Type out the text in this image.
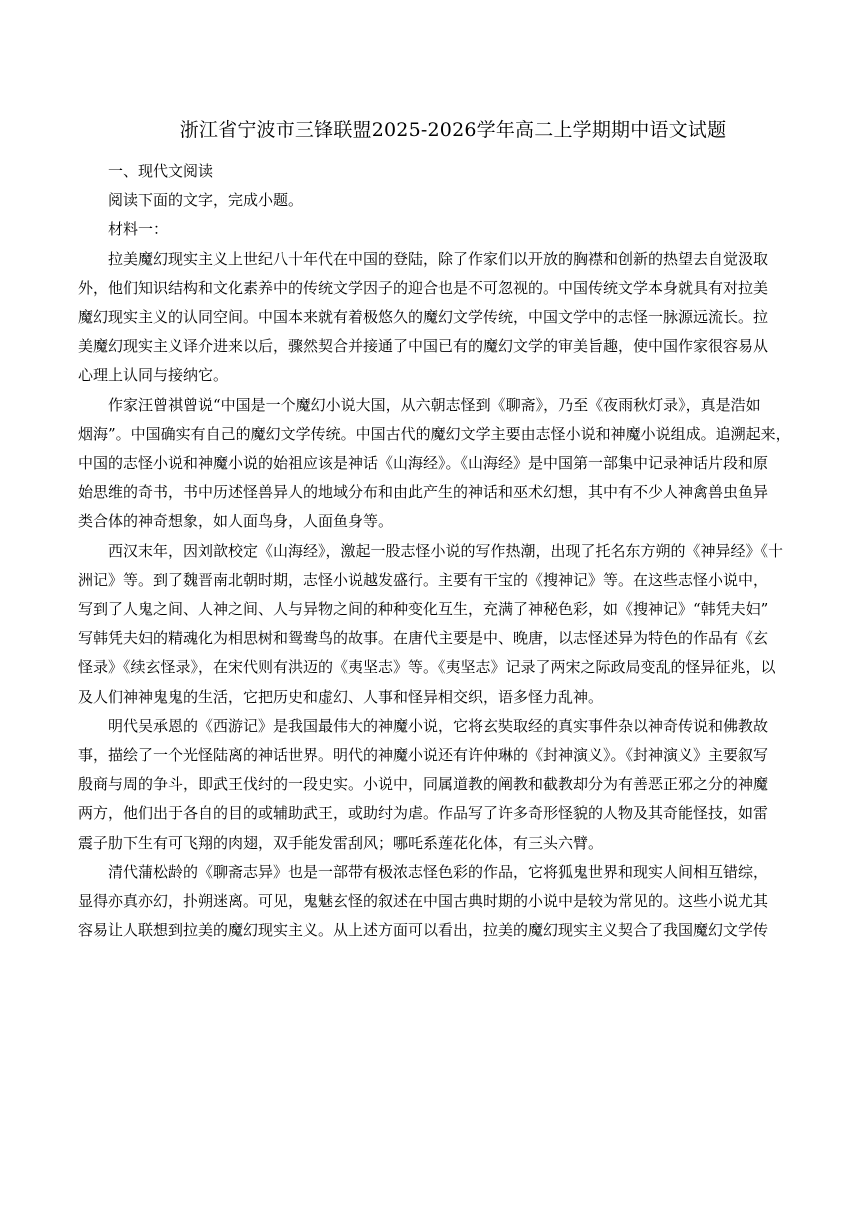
浙江省宁波市三锋联盟2025-2026学年高二上学期期中语文试题

一、现代文阅读

阅读下面的文字，完成小题。

材料一：

拉美魔幻现实主义上世纪八十年代在中国的登陆，除了作家们以开放的胸襟和创新的热望去自觉汲取
外，他们知识结构和文化素养中的传统文学因子的迎合也是不可忽视的。中国传统文学本身就具有对拉美
魔幻现实主义的认同空间。中国本来就有着极悠久的魔幻文学传统，中国文学中的志怪一脉源远流长。拉
美魔幻现实主义译介进来以后，骤然契合并接通了中国已有的魔幻文学的审美旨趣，使中国作家很容易从
心理上认同与接纳它。
作家汪曾祺曾说“中国是一个魔幻小说大国，从六朝志怪到《聊斋》，乃至《夜雨秋灯录》，真是浩如
烟海”。中国确实有自己的魔幻文学传统。中国古代的魔幻文学主要由志怪小说和神魔小说组成。追溯起来，
中国的志怪小说和神魔小说的始祖应该是神话《山海经》。《山海经》是中国第一部集中记录神话片段和原
始思维的奇书，书中历述怪兽异人的地域分布和由此产生的神话和巫术幻想，其中有不少人神禽兽虫鱼异
类合体的神奇想象，如人面鸟身，人面鱼身等。
西汉末年，因刘歆校定《山海经》，激起一股志怪小说的写作热潮，出现了托名东方朔的《神异经》《十
洲记》等。到了魏晋南北朝时期，志怪小说越发盛行。主要有干宝的《搜神记》等。在这些志怪小说中，
写到了人鬼之间、人神之间、人与异物之间的种种变化互生，充满了神秘色彩，如《搜神记》“韩凭夫妇”
写韩凭夫妇的精魂化为相思树和鸳鸯鸟的故事。在唐代主要是中、晚唐，以志怪述异为特色的作品有《玄
怪录》《续玄怪录》，在宋代则有洪迈的《夷坚志》等。《夷坚志》记录了两宋之际政局变乱的怪异征兆，以
及人们神神鬼鬼的生活，它把历史和虚幻、人事和怪异相交织，语多怪力乱神。
明代吴承恩的《西游记》是我国最伟大的神魔小说，它将玄奘取经的真实事件杂以神奇传说和佛教故
事，描绘了一个光怪陆离的神话世界。明代的神魔小说还有许仲琳的《封神演义》。《封神演义》主要叙写
殷商与周的争斗，即武王伐纣的一段史实。小说中，同属道教的阐教和截教却分为有善恶正邪之分的神魔
两方，他们出于各自的目的或辅助武王，或助纣为虐。作品写了许多奇形怪貌的人物及其奇能怪技，如雷
震子肋下生有可飞翔的肉翅，双手能发雷刮风；哪吒系莲花化体，有三头六臂。
清代蒲松龄的《聊斋志异》也是一部带有极浓志怪色彩的作品，它将狐鬼世界和现实人间相互错综，
显得亦真亦幻，扑朔迷离。可见，鬼魅玄怪的叙述在中国古典时期的小说中是较为常见的。这些小说尤其
容易让人联想到拉美的魔幻现实主义。从上述方面可以看出，拉美的魔幻现实主义契合了我国魔幻文学传
